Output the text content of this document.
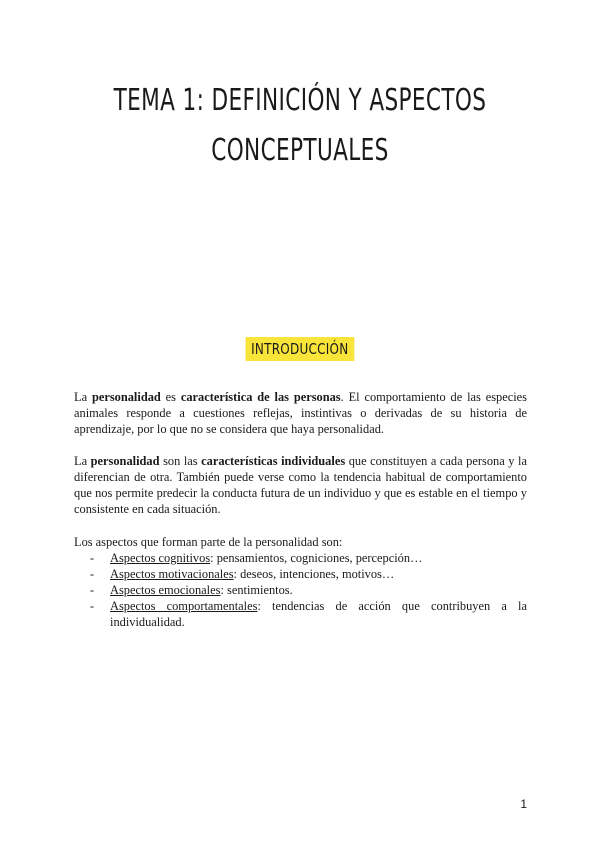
TEMA 1: DEFINICIÓN Y ASPECTOS
CONCEPTUALES
INTRODUCCIÓN

La personalidad es característica de las personas. El comportamiento de las especies animales responde a cuestiones reflejas, instintivas o derivadas de su historia de aprendizaje, por lo que no se considera que haya personalidad.

La personalidad son las características individuales que constituyen a cada persona y la diferencian de otra. También puede verse como la tendencia habitual de comportamiento que nos permite predecir la conducta futura de un individuo y que es estable en el tiempo y consistente en cada situación.

Los aspectos que forman parte de la personalidad son:

- Aspectos cognitivos: pensamientos, cogniciones, percepción…
- Aspectos motivacionales: deseos, intenciones, motivos…
- Aspectos emocionales: sentimientos.
- Aspectos comportamentales: tendencias de acción que contribuyen a la individualidad.
1
